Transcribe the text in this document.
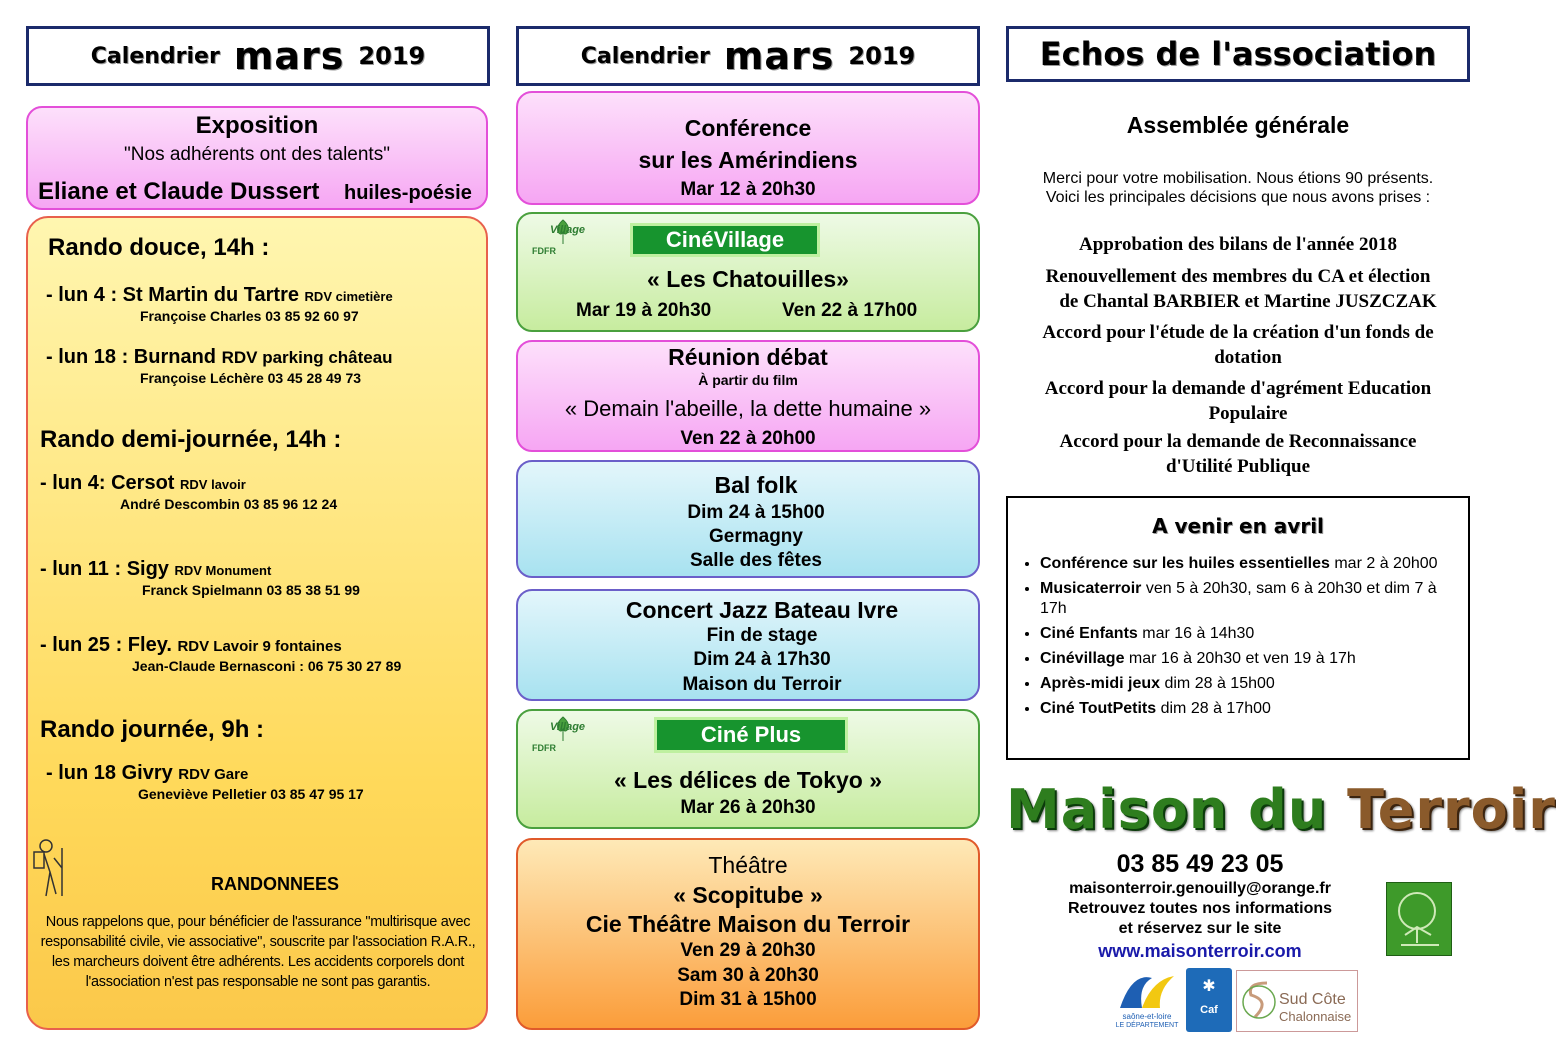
Calendrier mars 2019
Exposition
"Nos adhérents ont des talents"
Eliane et Claude Dussert huiles-poésie
Rando douce, 14h :
- lun 4 : St Martin du Tartre RDV cimetière
Françoise Charles 03 85 92 60 97
- lun 18 : Burnand RDV parking château
Françoise Léchère 03 45 28 49 73
Rando demi-journée, 14h :
- lun 4: Cersot RDV lavoir
André Descombin 03 85 96 12 24
- lun 11 : Sigy RDV Monument
Franck Spielmann 03 85 38 51 99
- lun 25 : Fley. RDV Lavoir 9 fontaines
Jean-Claude Bernasconi : 06 75 30 27 89
Rando journée, 9h :
- lun 18 Givry RDV Gare
Geneviève Pelletier 03 85 47 95 17
RANDONNEES
Nous rappelons que, pour bénéficier de l'assurance "multirisque avec responsabilité civile, vie associative", souscrite par l'association R.A.R., les marcheurs doivent être adhérents. Les accidents corporels dont l'association n'est pas responsable ne sont pas garantis.
Calendrier mars 2019
Conférence
sur les Amérindiens
Mar 12 à 20h30
Village
FDFR	CinéVillage
« Les Chatouilles»
Mar 19 à 20h30	Ven 22 à 17h00
Réunion débat
À partir du film
« Demain l'abeille, la dette humaine »
Ven 22 à 20h00
Bal folk
Dim 24 à 15h00
Germagny
Salle des fêtes
Concert Jazz Bateau Ivre
Fin de stage
Dim 24 à 17h30
Maison du Terroir
Village
FDFR
Ciné Plus
« Les délices de Tokyo »
Mar 26 à 20h30
Théâtre
« Scopitube »
Cie Théâtre Maison du Terroir
Ven 29 à 20h30
Sam 30 à 20h30
Dim 31 à 15h00
Echos de l'association
Assemblée générale
Merci pour votre mobilisation. Nous étions 90 présents.
Voici les principales décisions que nous avons prises :
Approbation des bilans de l'année 2018
Renouvellement des membres du CA et élection
de Chantal BARBIER et Martine JUSZCZAK
Accord pour l'étude de la création d'un fonds de
dotation
Accord pour la demande d'agrément Education
Populaire
Accord pour la demande de Reconnaissance
d'Utilité Publique
A venir en avril
• Conférence sur les huiles essentielles mar 2 à 20h00
• Musicaterroir ven 5 à 20h30, sam 6 à 20h30 et dim 7 à 17h
• Ciné Enfants mar 16 à 14h30
• Cinévillage mar 16 à 20h30 et ven 19 à 17h
• Après-midi jeux dim 28 à 15h00
• Ciné ToutPetits dim 28 à 17h00
Maison du Terroir
03 85 49 23 05
maisonterroir.genouilly@orange.fr
Retrouvez toutes nos informations
et réservez sur le site
www.maisonterroir.com
saône-et-loire
LE DÉPARTEMENT
✱
Caf
Sud Côte
Chalonnaise
